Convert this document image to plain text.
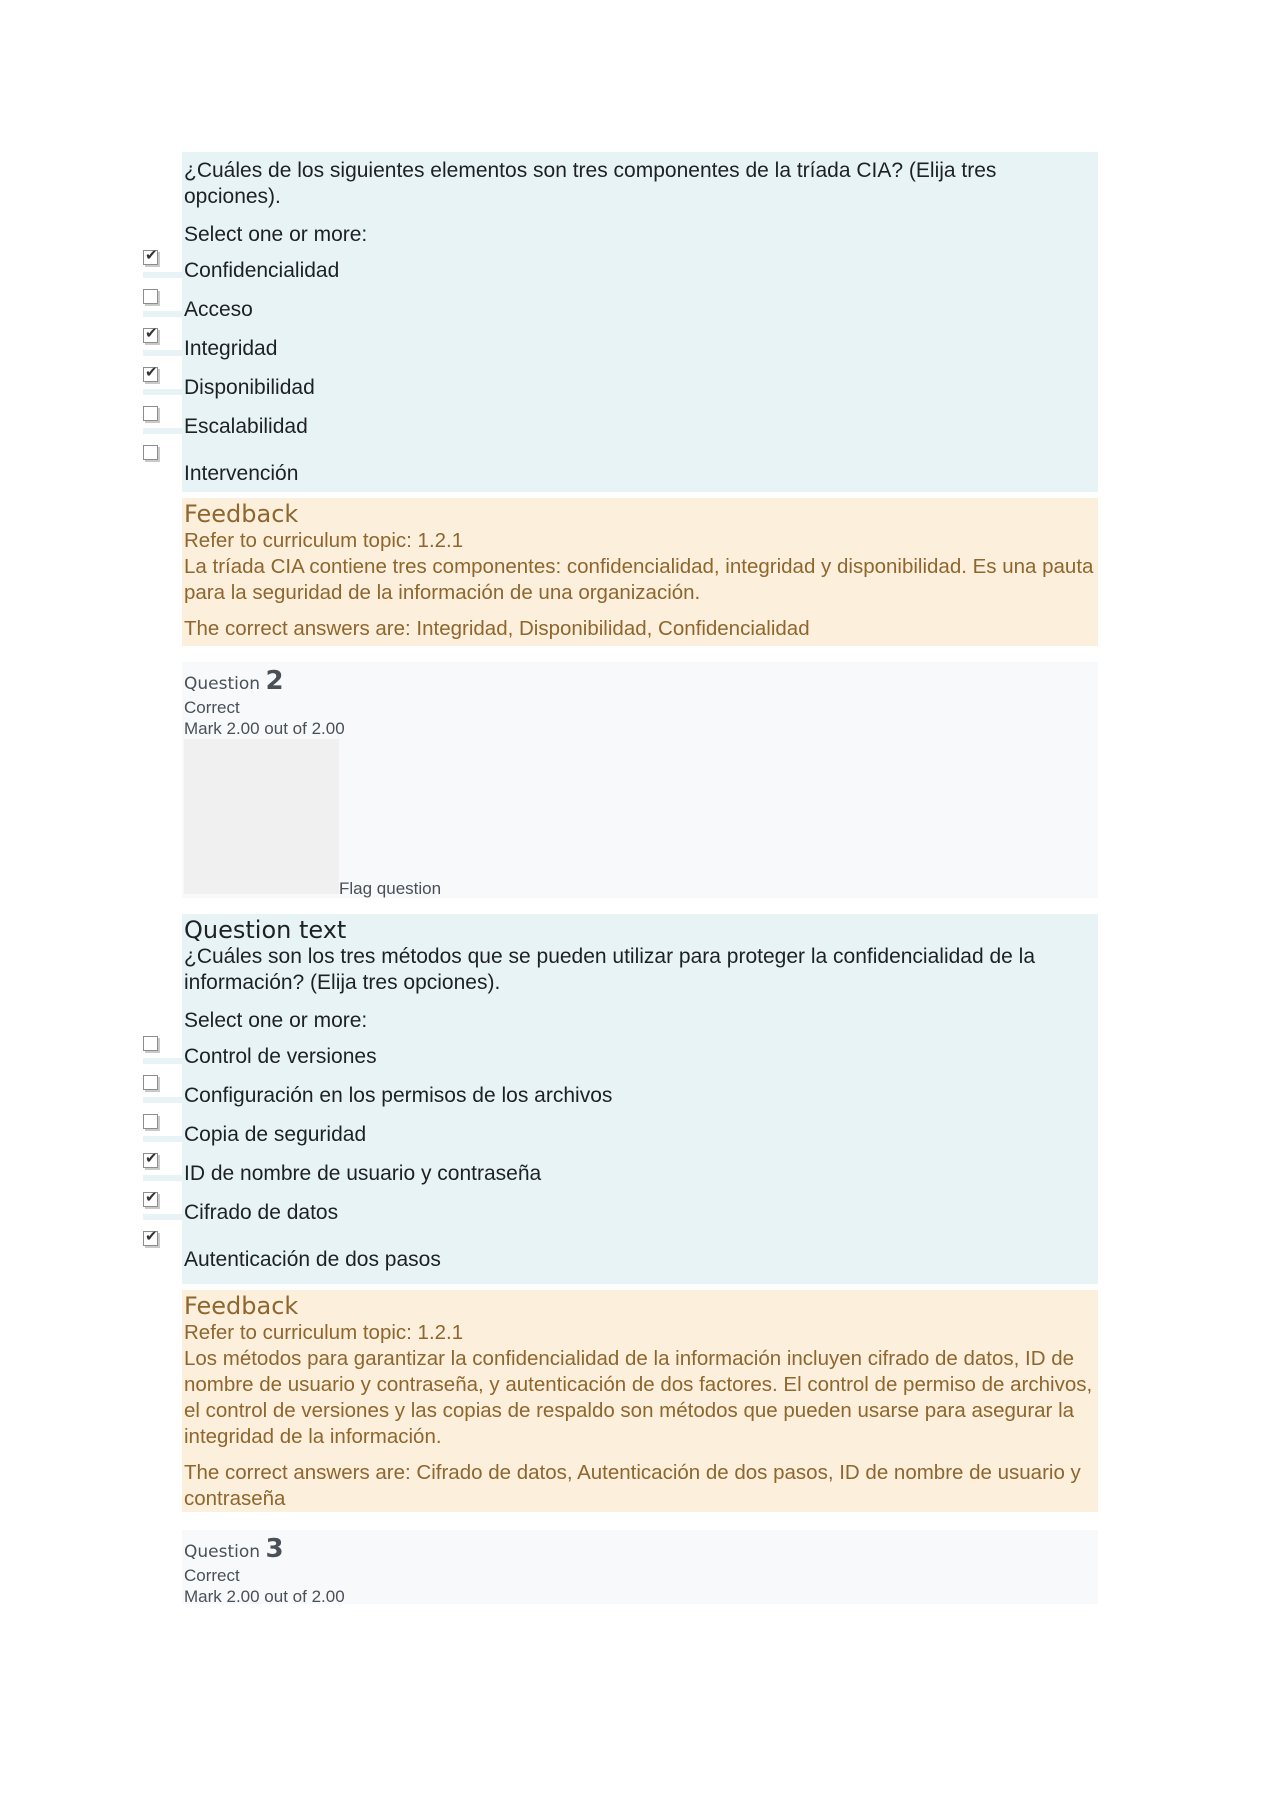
¿Cuáles de los siguientes elementos son tres componentes de la tríada CIA? (Elija tres opciones).

Select one or more:

✔
Confidencialidad
Acceso
✔
Integridad
✔
Disponibilidad
Escalabilidad
Intervención

Feedback

Refer to curriculum topic: 1.2.1

La tríada CIA contiene tres componentes: confidencialidad, integridad y disponibilidad. Es una pauta para la seguridad de la información de una organización.

The correct answers are: Integridad, Disponibilidad, Confidencialidad

Question 2

Correct

Mark 2.00 out of 2.00

Flag question

Question text

¿Cuáles son los tres métodos que se pueden utilizar para proteger la confidencialidad de la información? (Elija tres opciones).

Select one or more:

Control de versiones
Configuración en los permisos de los archivos
Copia de seguridad
✔
ID de nombre de usuario y contraseña
✔
Cifrado de datos
✔
Autenticación de dos pasos

Feedback

Refer to curriculum topic: 1.2.1

Los métodos para garantizar la confidencialidad de la información incluyen cifrado de datos, ID de nombre de usuario y contraseña, y autenticación de dos factores. El control de permiso de archivos, el control de versiones y las copias de respaldo son métodos que pueden usarse para asegurar la integridad de la información.

The correct answers are: Cifrado de datos, Autenticación de dos pasos, ID de nombre de usuario y contraseña

Question 3

Correct

Mark 2.00 out of 2.00
